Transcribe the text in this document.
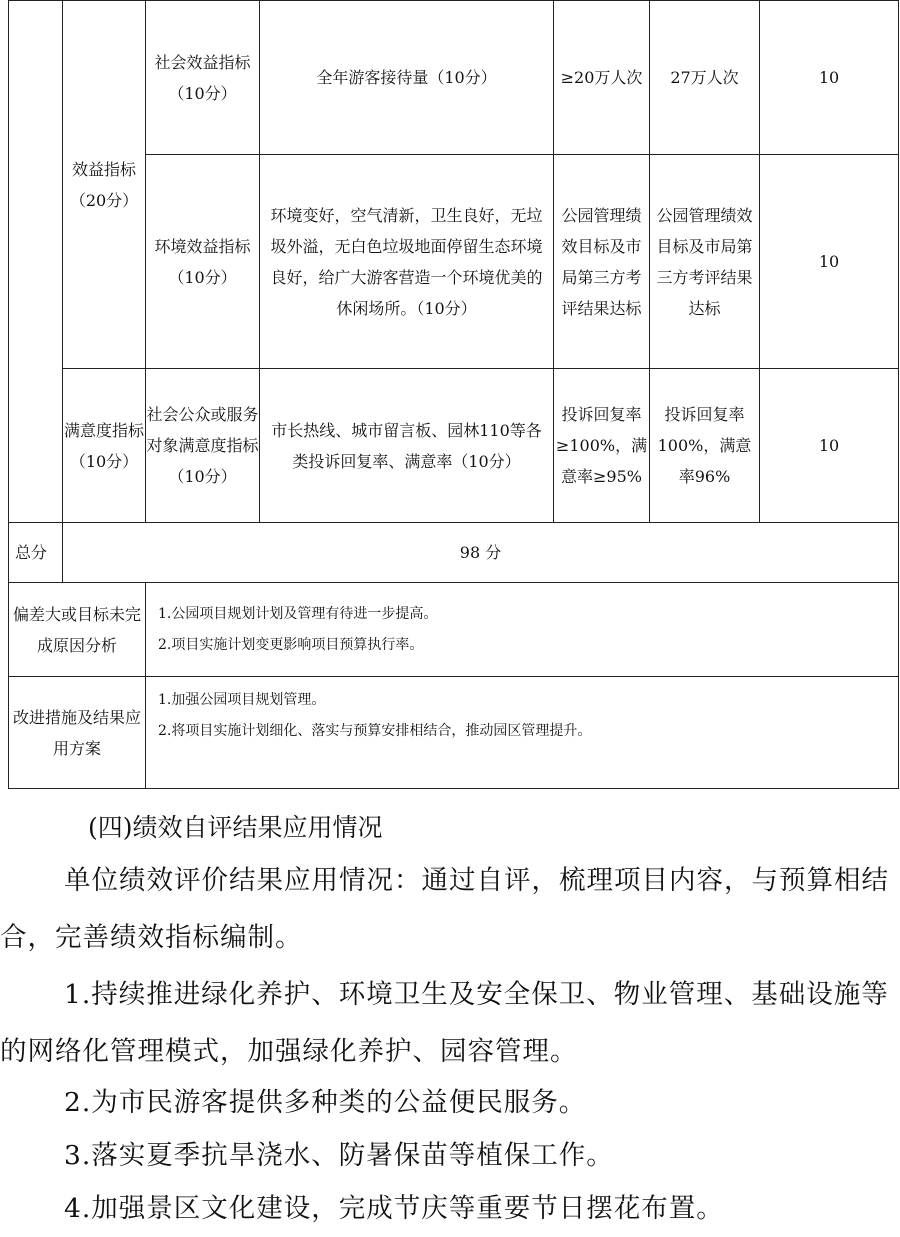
	效益指标（20分）	社会效益指标（10分）	全年游客接待量（10分）	≥20万人次	27万人次	10
		环境效益指标（10分）	环境变好，空气清新，卫生良好，无垃圾外溢，无白色垃圾地面停留生态环境良好，给广大游客营造一个环境优美的休闲场所。（10分）	公园管理绩效目标及市局第三方考评结果达标	公园管理绩效目标及市局第三方考评结果达标	10
	满意度指标（10分）	社会公众或服务对象满意度指标（10分）	市长热线、城市留言板、园林110等各类投诉回复率、满意率（10分）	投诉回复率≥100%，满意率≥95%	投诉回复率100%，满意率96%	10
总分	98 分					
偏差大或目标未完成原因分析		1.公园项目规划计划及管理有待进一步提高。
2.项目实施计划变更影响项目预算执行率。				

改进措施及结果应用方案		1.加强公园项目规划管理。
2.将项目实施计划细化、落实与预算安排相结合，推动园区管理提升。				
(四)绩效自评结果应用情况
单位绩效评价结果应用情况：通过自评，梳理项目内容，与预算相结合，完善绩效指标编制。
1.持续推进绿化养护、环境卫生及安全保卫、物业管理、基础设施等的网络化管理模式，加强绿化养护、园容管理。
2.为市民游客提供多种类的公益便民服务。
3.落实夏季抗旱浇水、防暑保苗等植保工作。
4.加强景区文化建设，完成节庆等重要节日摆花布置。
